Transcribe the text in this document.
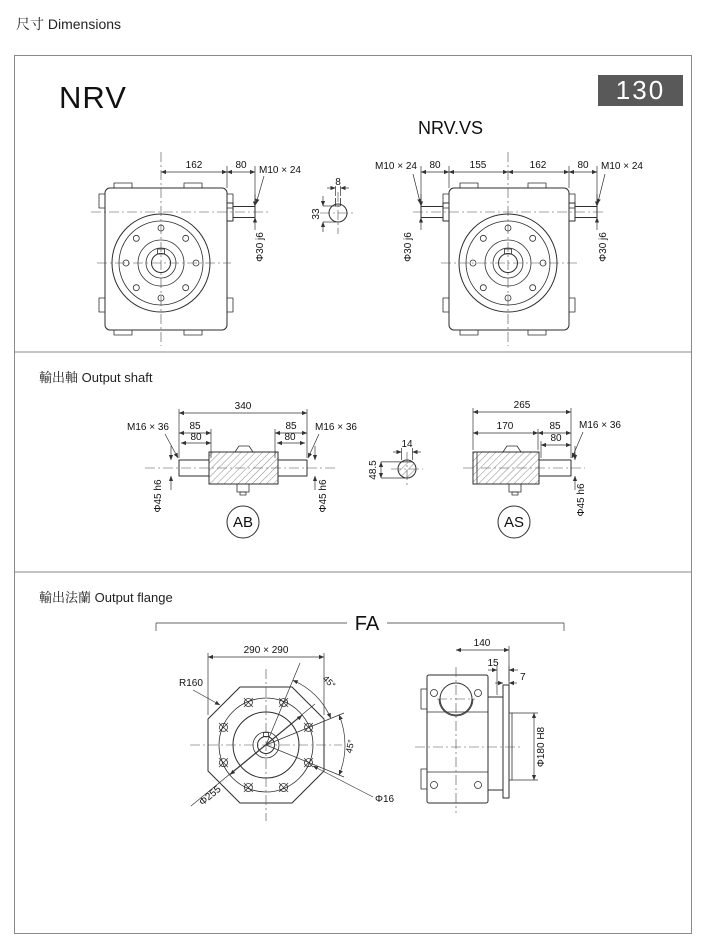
尺寸 Dimensions
NRV	130
NRV.VS
輸出軸 Output shaft
輸出法蘭 Output flange
162	80 M10 × 24
Φ30 j6
8
33
80	155	162	80
M10 × 24	M10 × 24
Φ30 j6	Φ30 j6
340
85
80
85
80
M16 × 36	M16 × 36
Φ45 h6	Φ45 h6
AB
14
48.5
265
170	85
80
M16 × 36
Φ45 h6
AS
FA
290 × 290
45°
45°
Φ255
R160
Φ16
140
15
7
Φ180 H8
